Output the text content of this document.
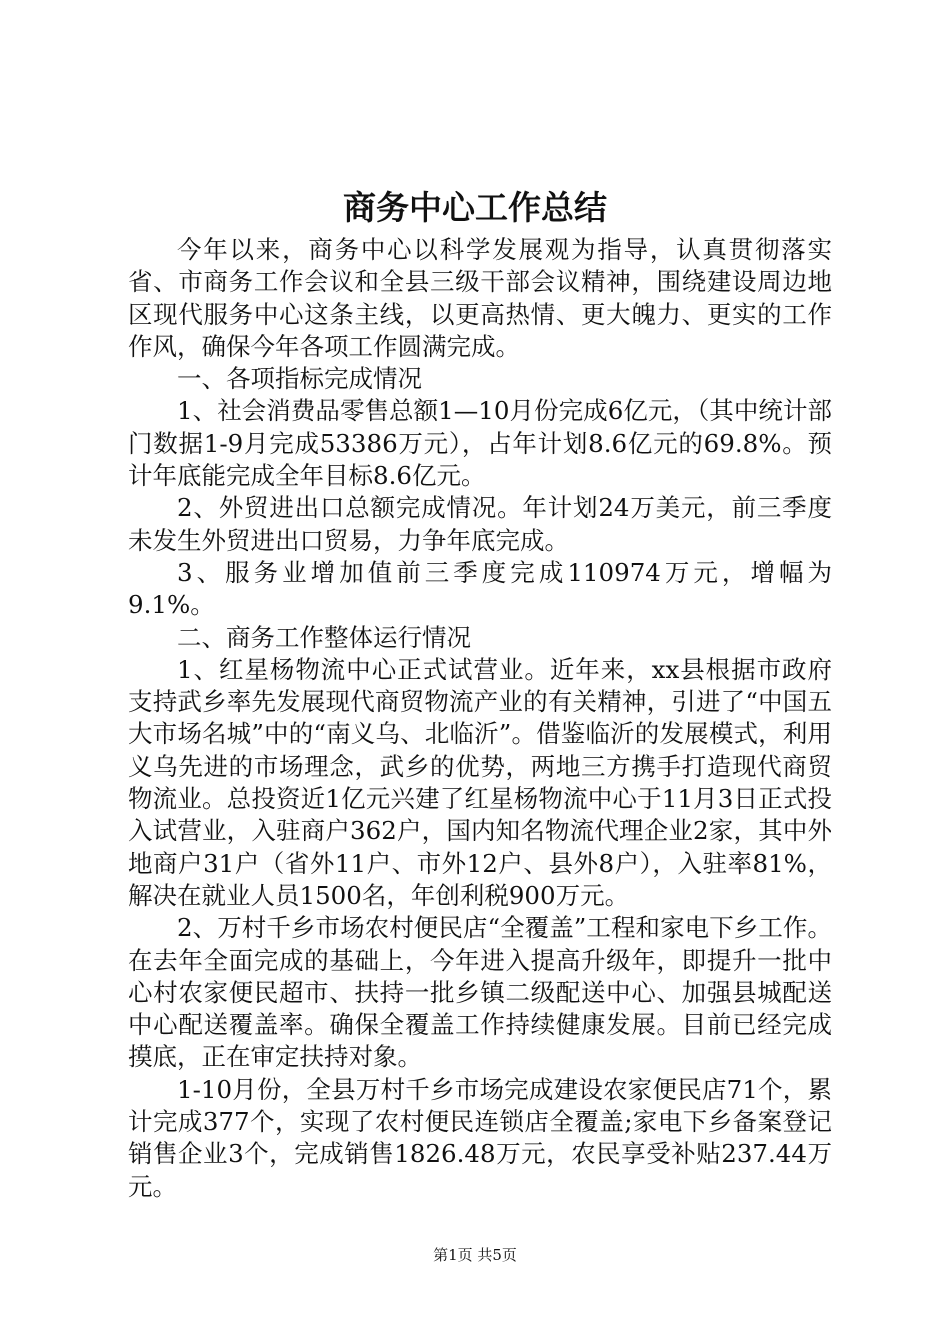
商务中心工作总结

今年以来，商务中心以科学发展观为指导，认真贯彻落实省、市商务工作会议和全县三级干部会议精神，围绕建设周边地区现代服务中心这条主线，以更高热情、更大魄力、更实的工作作风，确保今年各项工作圆满完成。

一、各项指标完成情况

1、社会消费品零售总额1—10月份完成6亿元，（其中统计部门数据1-9月完成53386万元），占年计划8.6亿元的69.8%。预计年底能完成全年目标8.6亿元。

2、外贸进出口总额完成情况。年计划24万美元，前三季度未发生外贸进出口贸易，力争年底完成。

3、服务业增加值前三季度完成110974万元，增幅为9.1%。

二、商务工作整体运行情况

1、红星杨物流中心正式试营业。近年来，xx县根据市政府支持武乡率先发展现代商贸物流产业的有关精神，引进了“中国五大市场名城”中的“南义乌、北临沂”。借鉴临沂的发展模式，利用义乌先进的市场理念，武乡的优势，两地三方携手打造现代商贸物流业。总投资近1亿元兴建了红星杨物流中心于11月3日正式投入试营业，入驻商户362户，国内知名物流代理企业2家，其中外地商户31户（省外11户、市外12户、县外8户），入驻率81%，解决在就业人员1500名，年创利税900万元。

2、万村千乡市场农村便民店“全覆盖”工程和家电下乡工作。在去年全面完成的基础上，今年进入提高升级年，即提升一批中心村农家便民超市、扶持一批乡镇二级配送中心、加强县城配送中心配送覆盖率。确保全覆盖工作持续健康发展。目前已经完成摸底，正在审定扶持对象。

1-10月份，全县万村千乡市场完成建设农家便民店71个，累计完成377个，实现了农村便民连锁店全覆盖;家电下乡备案登记销售企业3个，完成销售1826.48万元，农民享受补贴237.44万元。

第1页 共5页
